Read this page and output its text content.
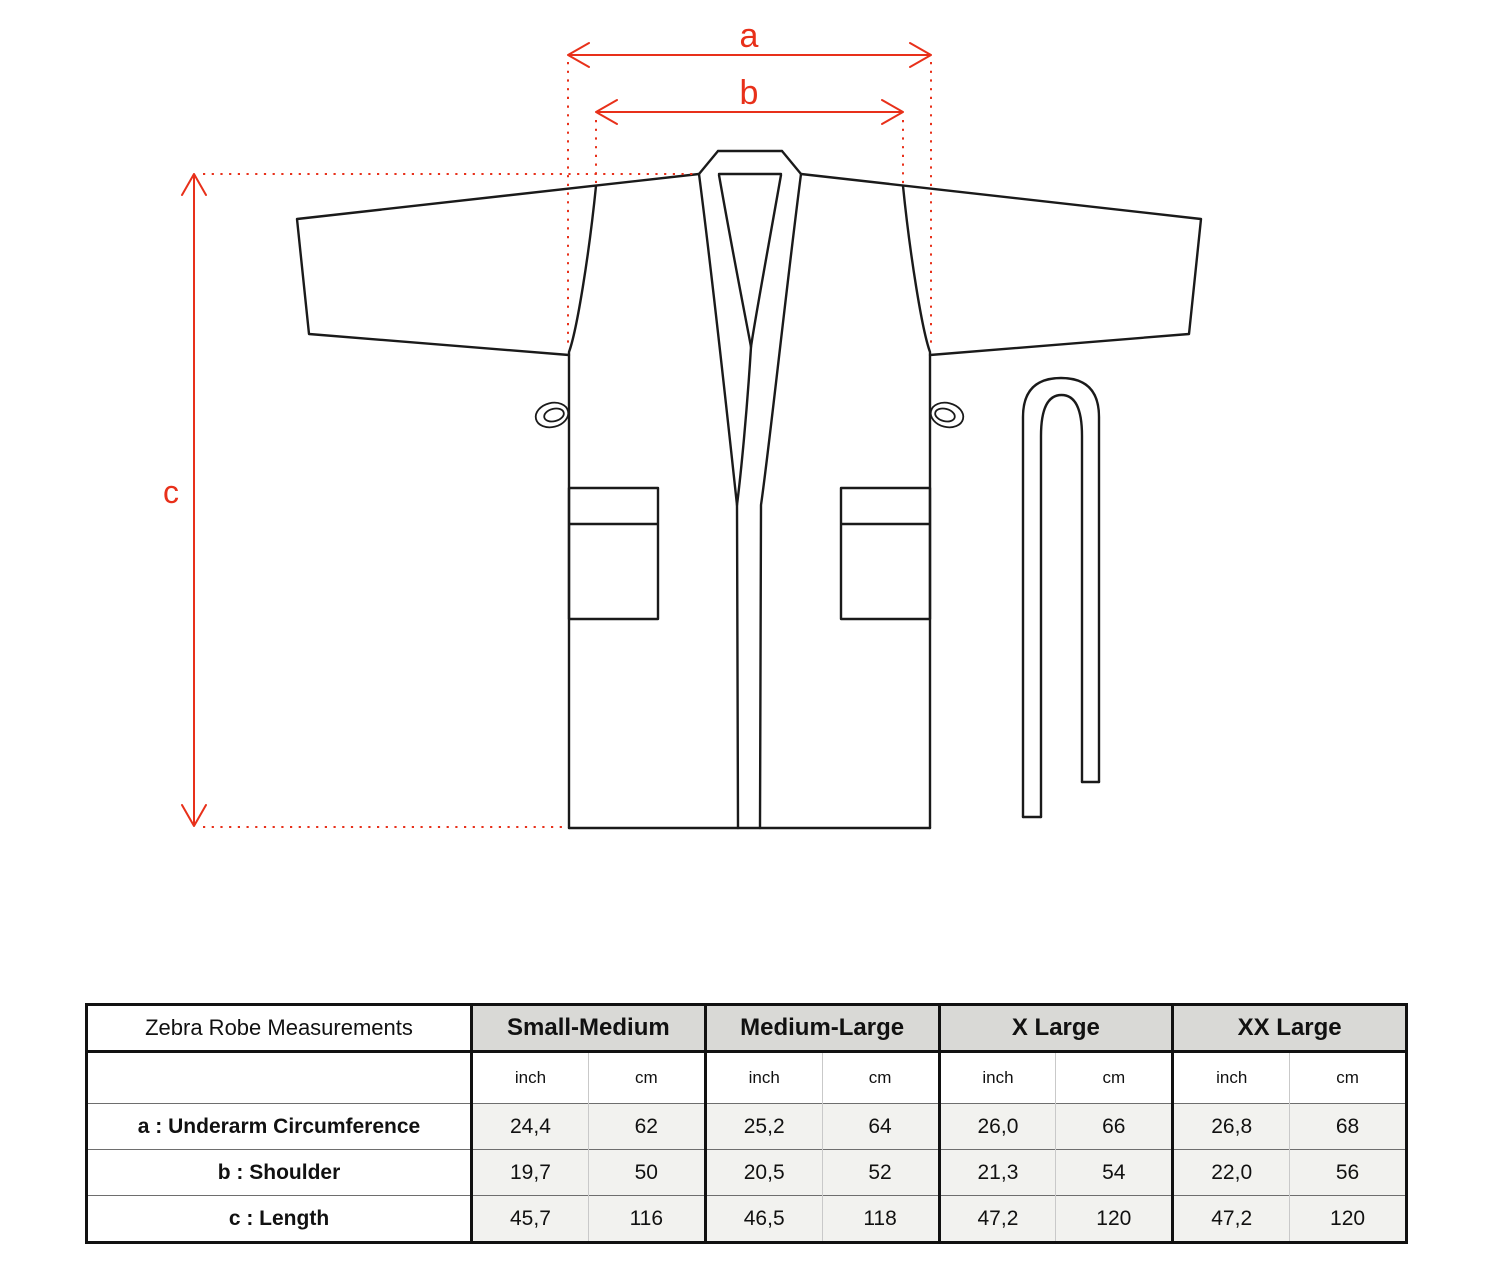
a
b
c
Zebra Robe Measurements	Small-Medium		Medium-Large		X Large		XX Large	
	inch	cm	inch	cm	inch	cm	inch	cm
a : Underarm Circumference	24,4	62	25,2	64	26,0	66	26,8	68
b : Shoulder	19,7	50	20,5	52	21,3	54	22,0	56
c : Length	45,7	116	46,5	118	47,2	120	47,2	120
